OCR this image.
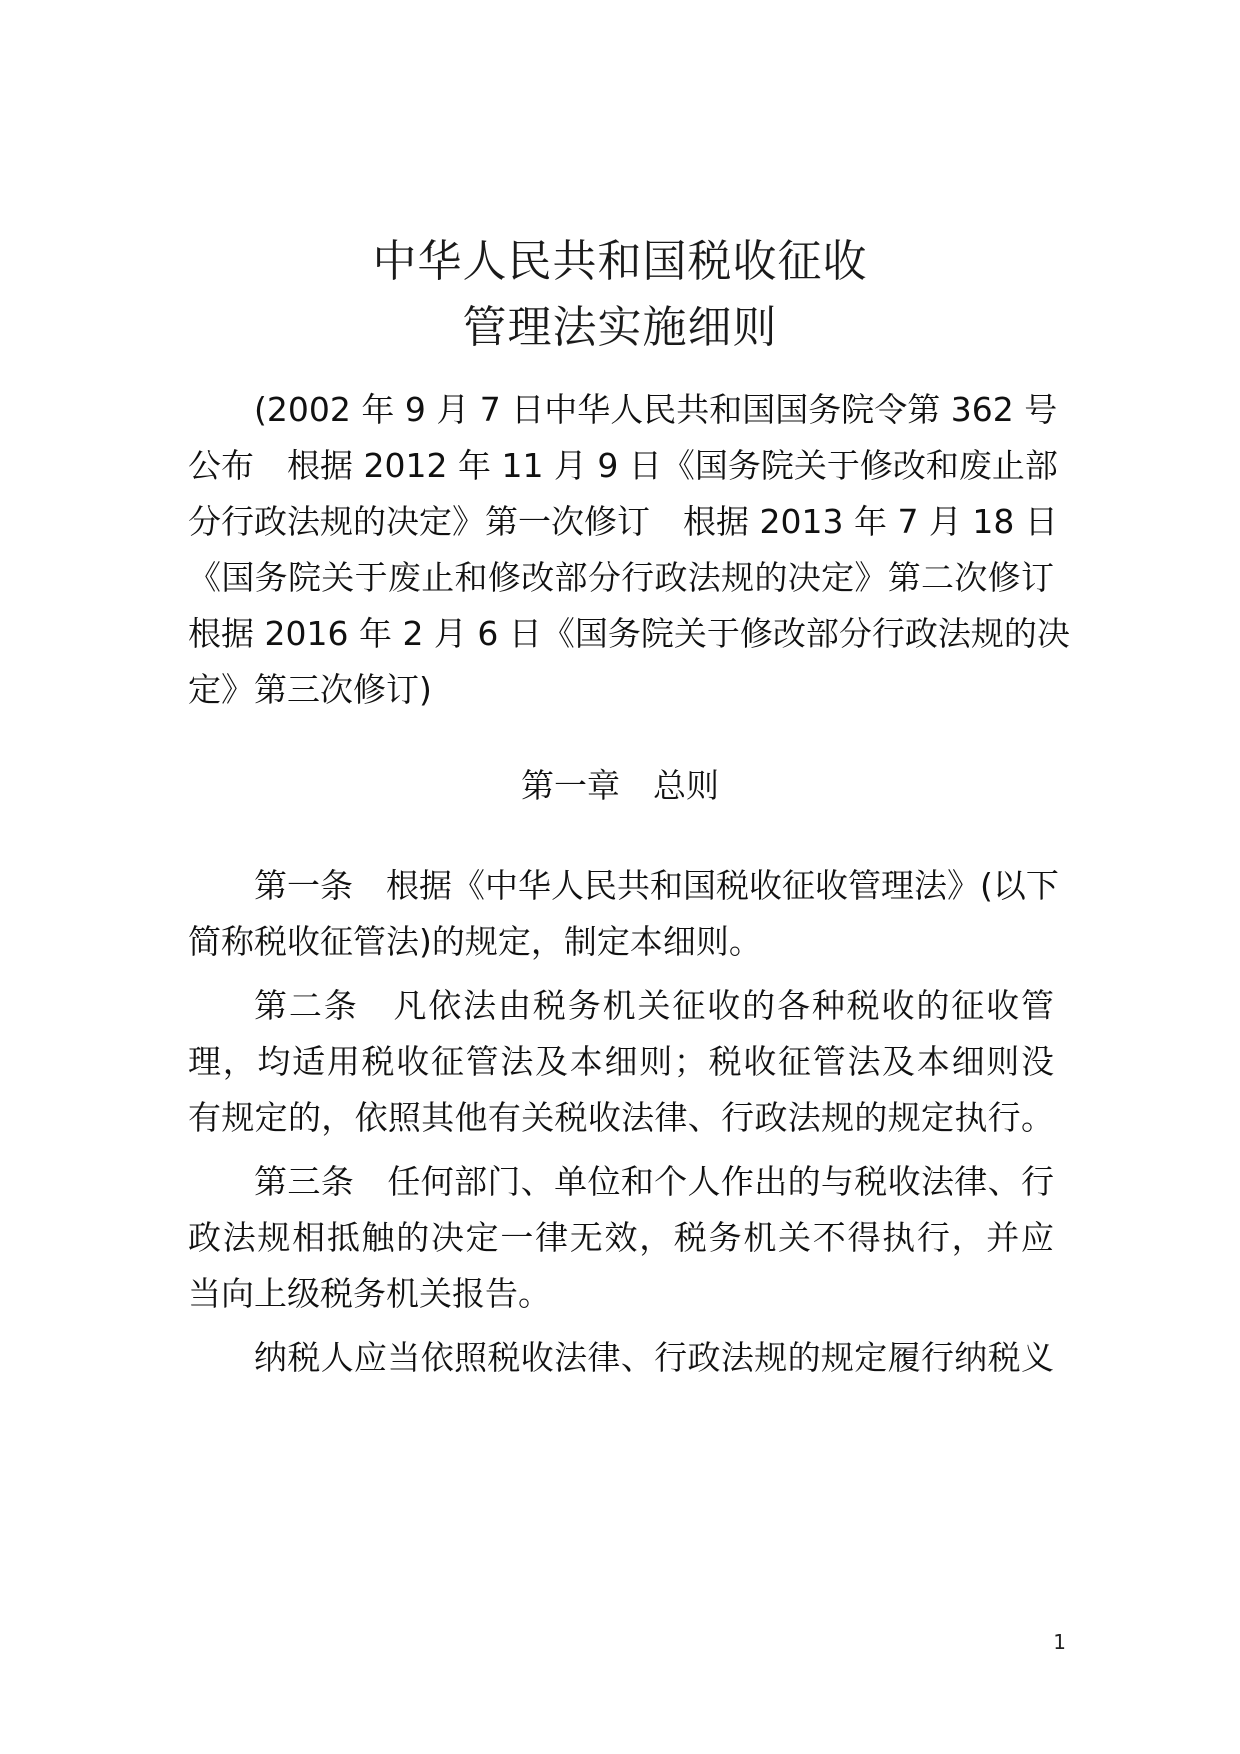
中华人民共和国税收征收
管理法实施细则
(2002 年 9 月 7 日中华人民共和国国务院令第 362 号
公布　根据 2012 年 11 月 9 日《国务院关于修改和废止部
分行政法规的决定》第一次修订　根据 2013 年 7 月 18 日
《国务院关于废止和修改部分行政法规的决定》第二次修订
根据 2016 年 2 月 6 日《国务院关于修改部分行政法规的决
定》第三次修订)
第一章　总则
第一条　根据《中华人民共和国税收征收管理法》(以下
简称税收征管法)的规定，制定本细则。
第二条　凡依法由税务机关征收的各种税收的征收管
理，均适用税收征管法及本细则；税收征管法及本细则没
有规定的，依照其他有关税收法律、行政法规的规定执行。
第三条　任何部门、单位和个人作出的与税收法律、行
政法规相抵触的决定一律无效，税务机关不得执行，并应
当向上级税务机关报告。
纳税人应当依照税收法律、行政法规的规定履行纳税义
1
